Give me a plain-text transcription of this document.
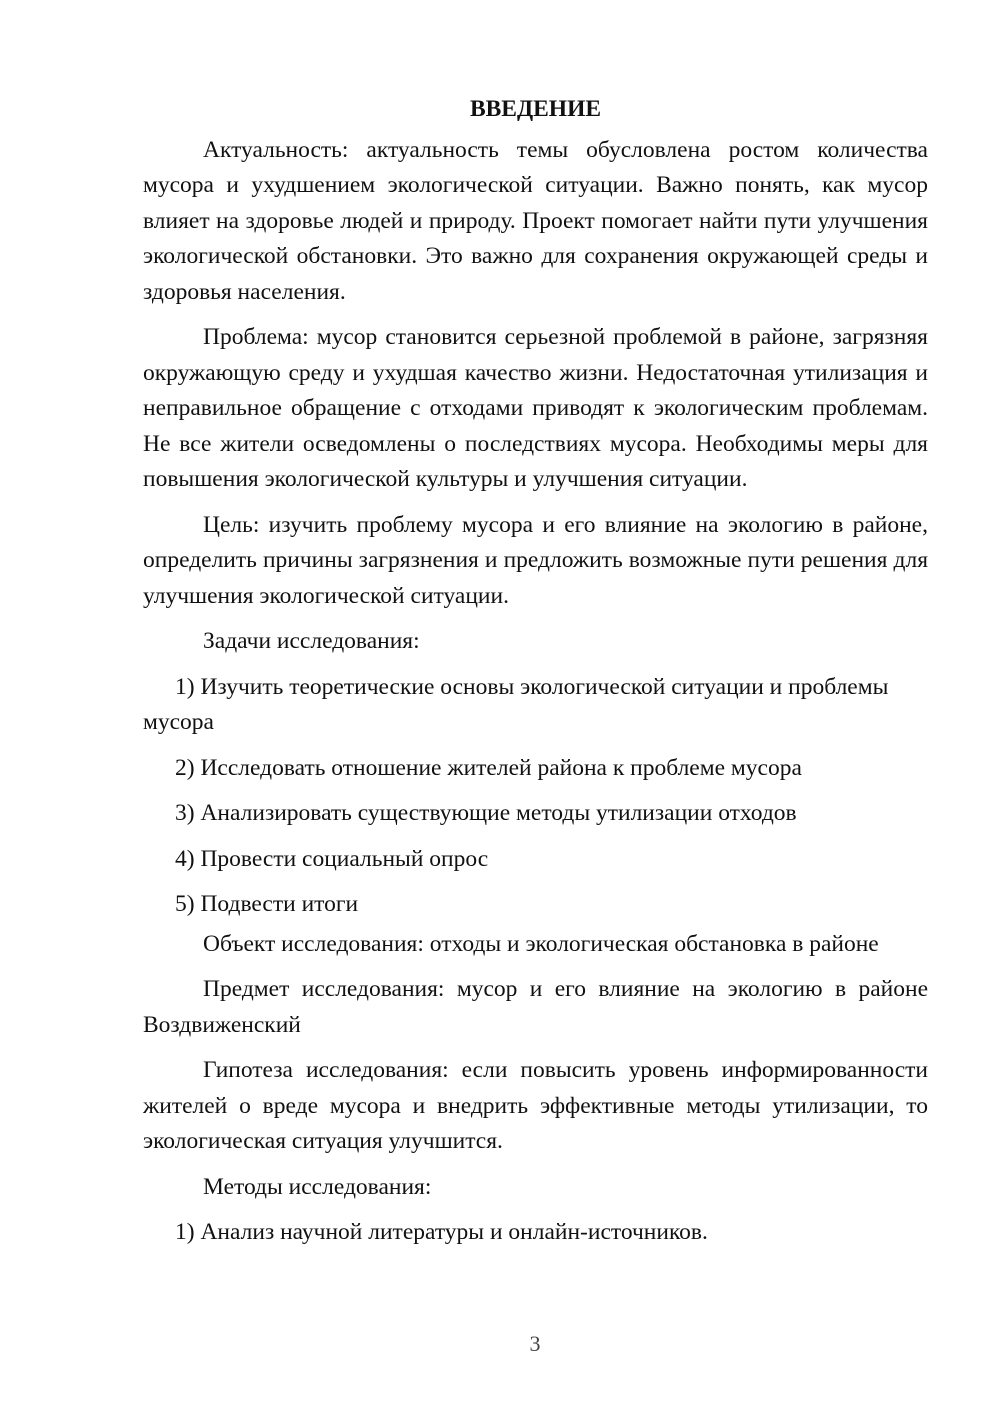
ВВЕДЕНИЕ

Актуальность: актуальность темы обусловлена ростом количества мусора и ухудшением экологической ситуации. Важно понять, как мусор влияет на здоровье людей и природу. Проект помогает найти пути улучшения экологической обстановки. Это важно для сохранения окружающей среды и здоровья населения.

Проблема: мусор становится серьезной проблемой в районе, загрязняя окружающую среду и ухудшая качество жизни. Недостаточная утилизация и неправильное обращение с отходами приводят к экологическим проблемам. Не все жители осведомлены о последствиях мусора. Необходимы меры для повышения экологической культуры и улучшения ситуации.

Цель: изучить проблему мусора и его влияние на экологию в районе, определить причины загрязнения и предложить возможные пути решения для улучшения экологической ситуации.

Задачи исследования:

1) Изучить теоретические основы экологической ситуации и проблемы мусора

2) Исследовать отношение жителей района к проблеме мусора

3) Анализировать существующие методы утилизации отходов

4) Провести социальный опрос

5) Подвести итоги

Объект исследования: отходы и экологическая обстановка в районе

Предмет исследования: мусор и его влияние на экологию в районе Воздвиженский

Гипотеза исследования: если повысить уровень информированности жителей о вреде мусора и внедрить эффективные методы утилизации, то экологическая ситуация улучшится.

Методы исследования:

1) Анализ научной литературы и онлайн-источников.

3
